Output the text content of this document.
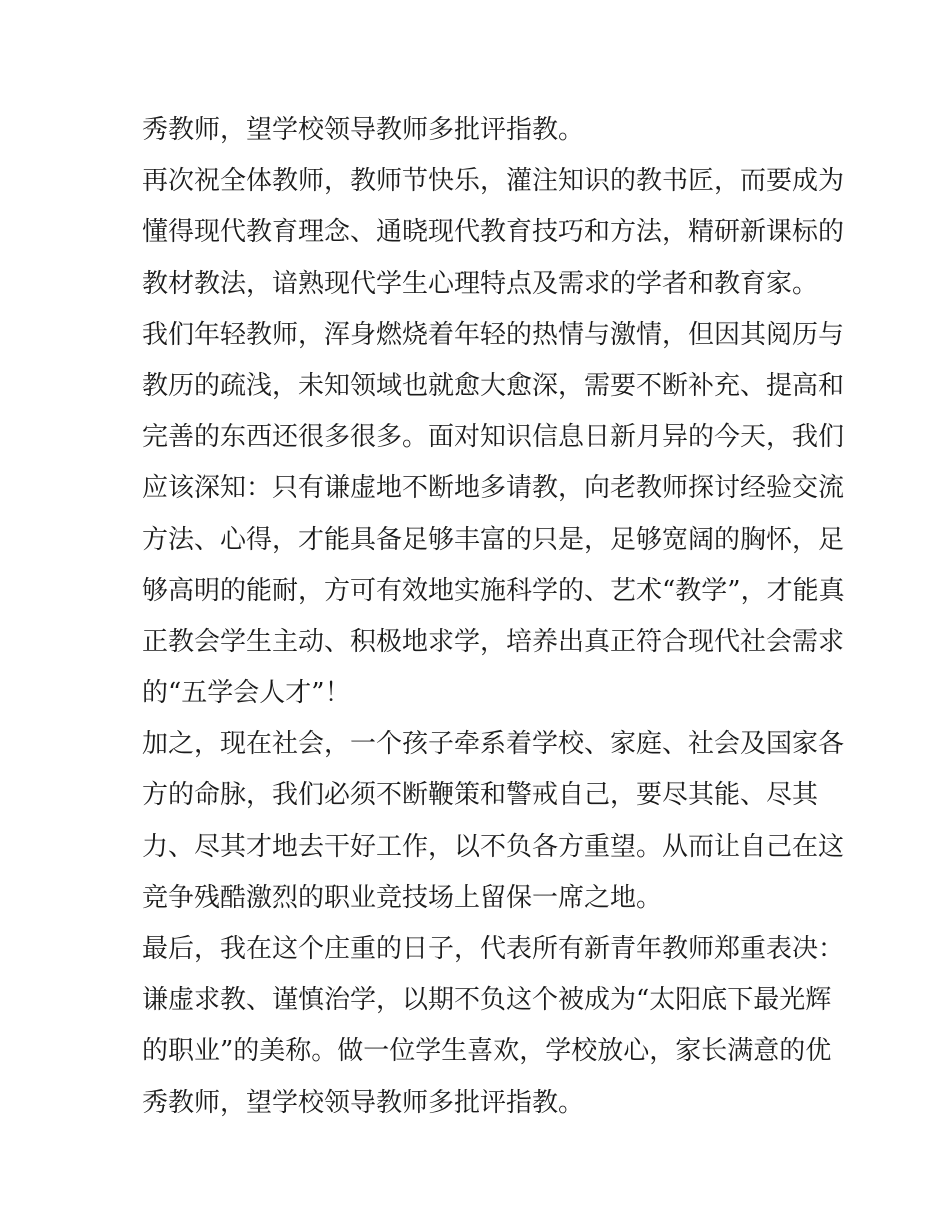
秀教师，望学校领导教师多批评指教。
再次祝全体教师，教师节快乐，灌注知识的教书匠，而要成为
懂得现代教育理念、通晓现代教育技巧和方法，精研新课标的
教材教法，谙熟现代学生心理特点及需求的学者和教育家。
我们年轻教师，浑身燃烧着年轻的热情与激情，但因其阅历与
教历的疏浅，未知领域也就愈大愈深，需要不断补充、提高和
完善的东西还很多很多。面对知识信息日新月异的今天，我们
应该深知：只有谦虚地不断地多请教，向老教师探讨经验交流
方法、心得，才能具备足够丰富的只是，足够宽阔的胸怀，足
够高明的能耐，方可有效地实施科学的、艺术“教学”，才能真
正教会学生主动、积极地求学，培养出真正符合现代社会需求
的“五学会人才”！
加之，现在社会，一个孩子牵系着学校、家庭、社会及国家各
方的命脉，我们必须不断鞭策和警戒自己，要尽其能、尽其
力、尽其才地去干好工作，以不负各方重望。从而让自己在这
竞争残酷激烈的职业竞技场上留保一席之地。
最后，我在这个庄重的日子，代表所有新青年教师郑重表决：
谦虚求教、谨慎治学，以期不负这个被成为“太阳底下最光辉
的职业”的美称。做一位学生喜欢，学校放心，家长满意的优
秀教师，望学校领导教师多批评指教。
